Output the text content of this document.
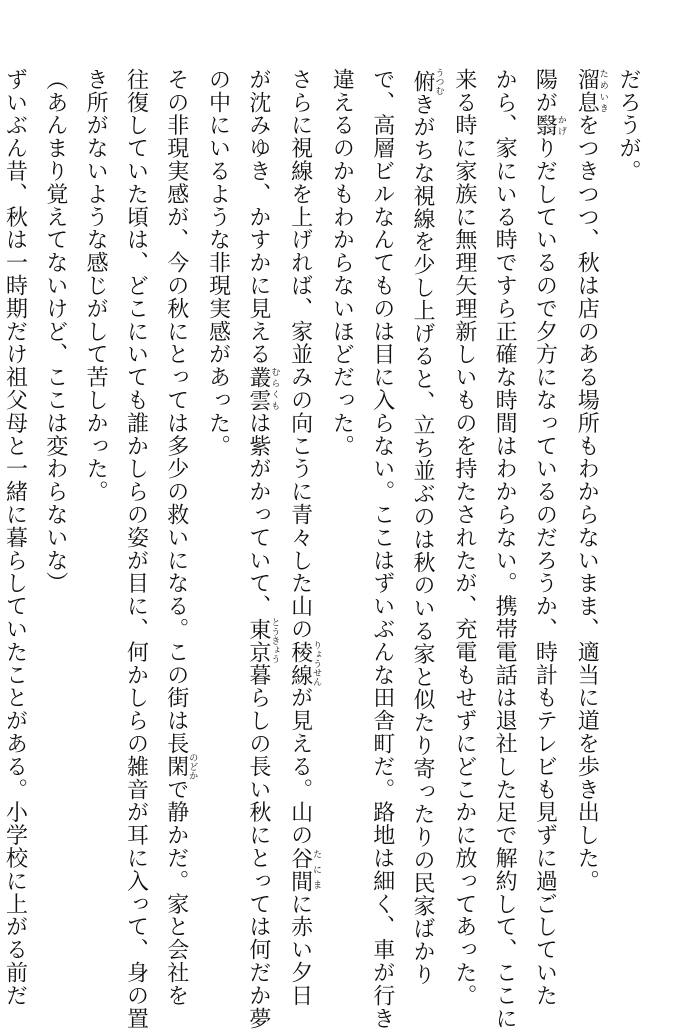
だろうが。
溜息ためいきをつきつつ、秋は店のある場所もわからないまま、適当に道を歩き出した。
陽が翳かげりだしているので夕方になっているのだろうか、時計もテレビも見ずに過ごしていた
から、家にいる時ですら正確な時間はわからない。携帯電話は退社した足で解約して、ここに
来る時に家族に無理矢理新しいものを持たされたが、充電もせずにどこかに放ってあった。
俯うつむきがちな視線を少し上げると、立ち並ぶのは秋のいる家と似たり寄ったりの民家ばかり
で、高層ビルなんてものは目に入らない。ここはずいぶんな田舎町だ。路地は細く、車が行き
違えるのかもわからないほどだった。
さらに視線を上げれば、家並みの向こうに青々した山の稜線りょうせんが見える。山の谷間たにまに赤い夕日
が沈みゆき、かすかに見える叢雲むらくもは紫がかっていて、東京とうきょう暮らしの長い秋にとっては何だか夢
の中にいるような非現実感があった。
その非現実感が、今の秋にとっては多少の救いになる。この街は長閑のどかで静かだ。家と会社を
往復していた頃は、どこにいても誰かしらの姿が目に、何かしらの雑音が耳に入って、身の置
き所がないような感じがして苦しかった。
（あんまり覚えてないけど、ここは変わらないな）
ずいぶん昔、秋は一時期だけ祖父母と一緒に暮らしていたことがある。小学校に上がる前だ
